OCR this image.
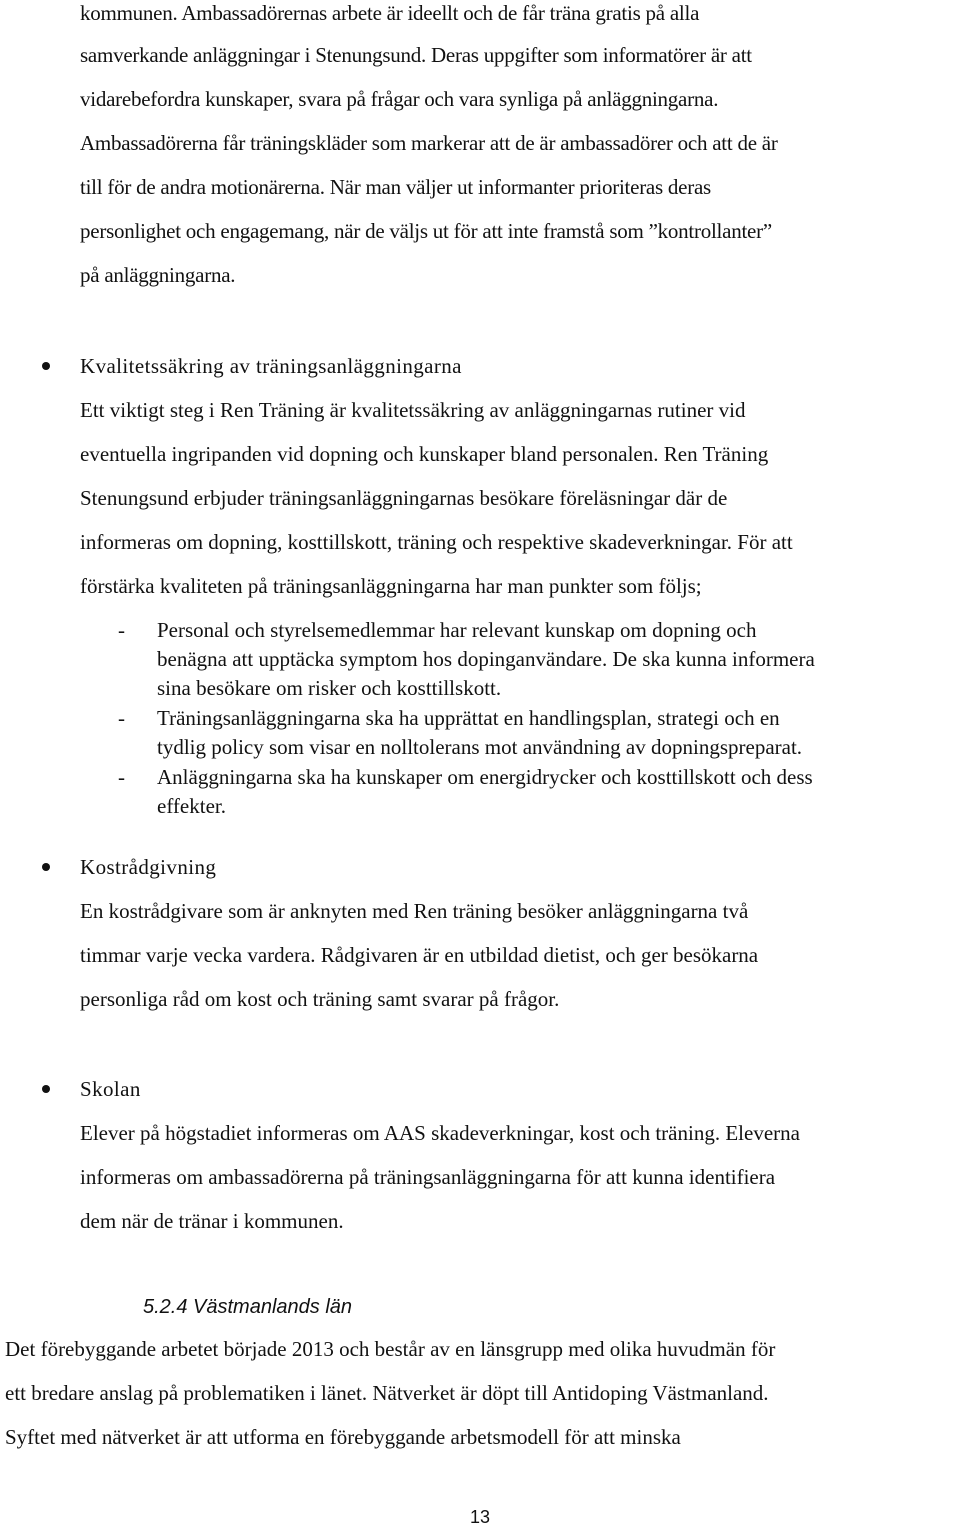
kommunen. Ambassadörernas arbete är ideellt och de får träna gratis på alla
samverkande anläggningar i Stenungsund. Deras uppgifter som informatörer är att
vidarebefordra kunskaper, svara på frågar och vara synliga på anläggningarna.
Ambassadörerna får träningskläder som markerar att de är ambassadörer och att de är
till för de andra motionärerna. När man väljer ut informanter prioriteras deras
personlighet och engagemang, när de väljs ut för att inte framstå som ”kontrollanter”
på anläggningarna.
Kvalitetssäkring av träningsanläggningarna
Ett viktigt steg i Ren Träning är kvalitetssäkring av anläggningarnas rutiner vid
eventuella ingripanden vid dopning och kunskaper bland personalen. Ren Träning
Stenungsund erbjuder träningsanläggningarnas besökare föreläsningar där de
informeras om dopning, kosttillskott, träning och respektive skadeverkningar. För att
förstärka kvaliteten på träningsanläggningarna har man punkter som följs;
- Personal och styrelsemedlemmar har relevant kunskap om dopning och
benägna att upptäcka symptom hos dopinganvändare. De ska kunna informera
sina besökare om risker och kosttillskott.
- Träningsanläggningarna ska ha upprättat en handlingsplan, strategi och en
tydlig policy som visar en nolltolerans mot användning av dopningspreparat.
- Anläggningarna ska ha kunskaper om energidrycker och kosttillskott och dess
effekter.
Kostrådgivning
En kostrådgivare som är anknyten med Ren träning besöker anläggningarna två
timmar varje vecka vardera. Rådgivaren är en utbildad dietist, och ger besökarna
personliga råd om kost och träning samt svarar på frågor.
Skolan
Elever på högstadiet informeras om AAS skadeverkningar, kost och träning. Eleverna
informeras om ambassadörerna på träningsanläggningarna för att kunna identifiera
dem när de tränar i kommunen.
5.2.4 Västmanlands län
Det förebyggande arbetet började 2013 och består av en länsgrupp med olika huvudmän för
ett bredare anslag på problematiken i länet. Nätverket är döpt till Antidoping Västmanland.
Syftet med nätverket är att utforma en förebyggande arbetsmodell för att minska
13
